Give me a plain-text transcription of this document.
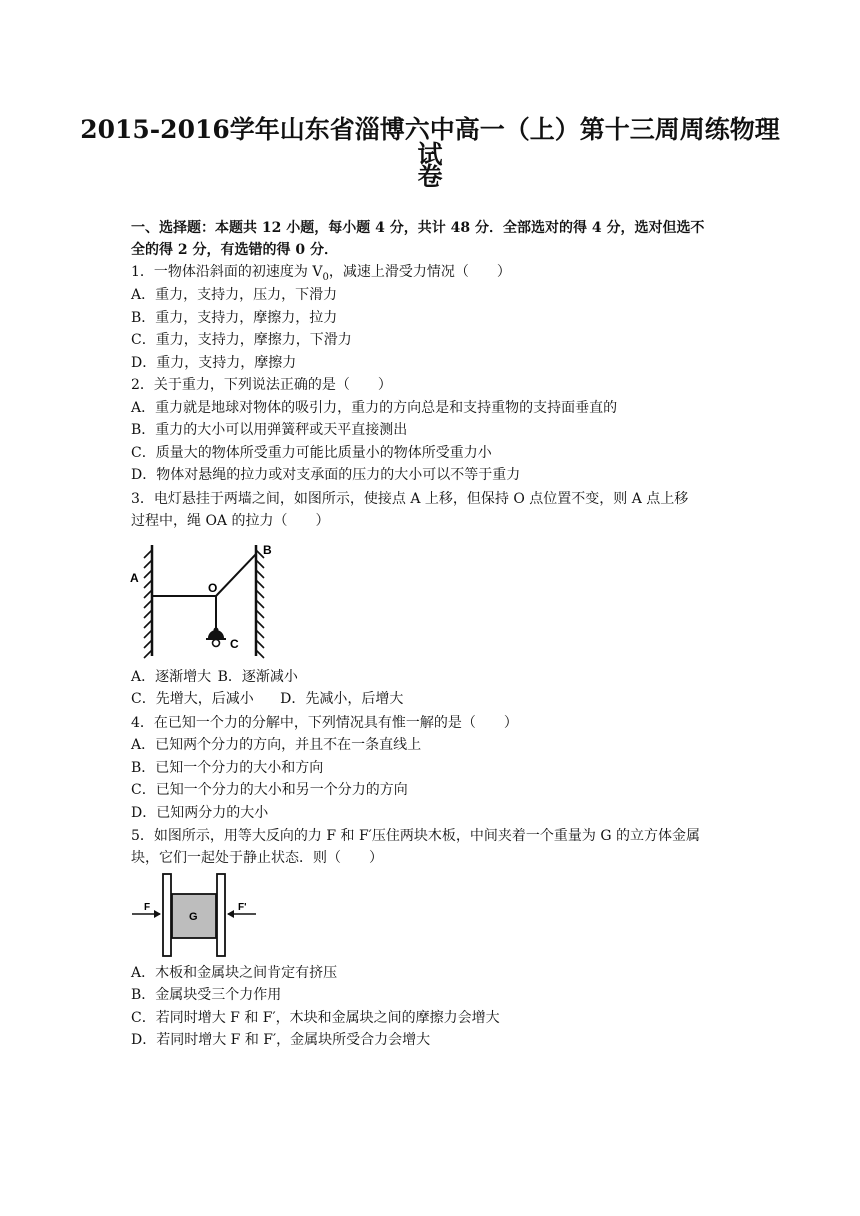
2015-2016学年山东省淄博六中高一（上）第十三周周练物理试
卷
一、选择题：本题共 12 小题，每小题 4 分，共计 48 分．全部选对的得 4 分，选对但选不
全的得 2 分，有选错的得 0 分．
1．一物体沿斜面的初速度为 $V_0$，减速上滑受力情况（　　）
A．重力，支持力，压力，下滑力
B．重力，支持力，摩擦力，拉力
C．重力，支持力，摩擦力，下滑力
D．重力，支持力，摩擦力
2．关于重力，下列说法正确的是（　　）
A．重力就是地球对物体的吸引力，重力的方向总是和支持重物的支持面垂直的
B．重力的大小可以用弹簧秤或天平直接测出
C．质量大的物体所受重力可能比质量小的物体所受重力小
D．物体对悬绳的拉力或对支承面的压力的大小可以不等于重力
3．电灯悬挂于两墙之间，如图所示，使接点 A 上移，但保持 O 点位置不变，则 A 点上移
过程中，绳 OA 的拉力（　　）
A
B
O
C
A．逐渐增大 B．逐渐减小
C．先增大，后减小 D．先减小，后增大
4．在已知一个力的分解中，下列情况具有惟一解的是（　　）
A．已知两个分力的方向，并且不在一条直线上
B．已知一个分力的大小和方向
C．已知一个分力的大小和另一个分力的方向
D．已知两分力的大小
5．如图所示，用等大反向的力 F 和 F′压住两块木板，中间夹着一个重量为 G 的立方体金属
块，它们一起处于静止状态．则（　　）
F	F'
G
A．木板和金属块之间肯定有挤压
B．金属块受三个力作用
C．若同时增大 F 和 F′，木块和金属块之间的摩擦力会增大
D．若同时增大 F 和 F′，金属块所受合力会增大
